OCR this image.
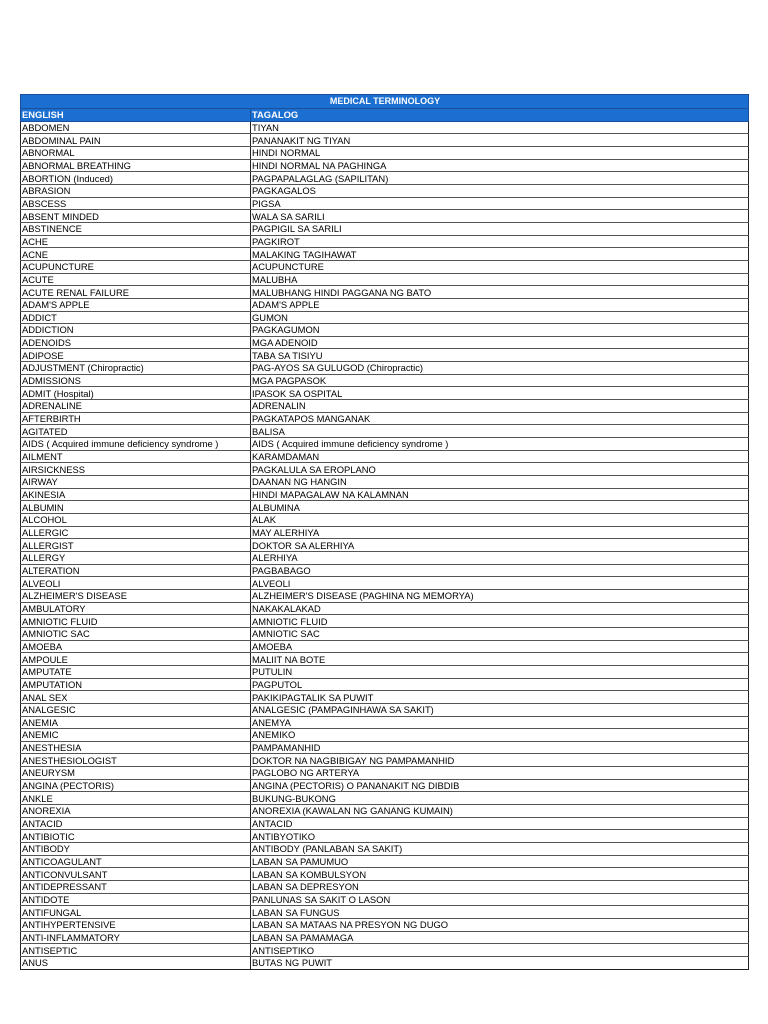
MEDICAL TERMINOLOGY	
ENGLISH	TAGALOG
ABDOMEN	TIYAN
ABDOMINAL PAIN	PANANAKIT NG TIYAN
ABNORMAL	HINDI NORMAL
ABNORMAL BREATHING	HINDI NORMAL NA PAGHINGA
ABORTION (Induced)	PAGPAPALAGLAG (SAPILITAN)
ABRASION	PAGKAGALOS
ABSCESS	PIGSA
ABSENT MINDED	WALA SA SARILI
ABSTINENCE	PAGPIGIL SA SARILI
ACHE	PAGKIROT
ACNE	MALAKING TAGIHAWAT
ACUPUNCTURE	ACUPUNCTURE
ACUTE	MALUBHA
ACUTE RENAL FAILURE	MALUBHANG HINDI PAGGANA NG BATO
ADAM'S APPLE	ADAM'S APPLE
ADDICT	GUMON
ADDICTION	PAGKAGUMON
ADENOIDS	MGA ADENOID
ADIPOSE	TABA SA TISIYU
ADJUSTMENT (Chiropractic)	PAG-AYOS SA GULUGOD (Chiropractic)
ADMISSIONS	MGA PAGPASOK
ADMIT (Hospital)	IPASOK SA OSPITAL
ADRENALINE	ADRENALIN
AFTERBIRTH	PAGKATAPOS MANGANAK
AGITATED	BALISA
AIDS ( Acquired immune deficiency syndrome )	AIDS ( Acquired immune deficiency syndrome )
AILMENT	KARAMDAMAN
AIRSICKNESS	PAGKALULA SA EROPLANO
AIRWAY	DAANAN NG HANGIN
AKINESIA	HINDI MAPAGALAW NA KALAMNAN
ALBUMIN	ALBUMINA
ALCOHOL	ALAK
ALLERGIC	MAY ALERHIYA
ALLERGIST	DOKTOR SA ALERHIYA
ALLERGY	ALERHIYA
ALTERATION	PAGBABAGO
ALVEOLI	ALVEOLI
ALZHEIMER'S DISEASE	ALZHEIMER'S DISEASE (PAGHINA NG MEMORYA)
AMBULATORY	NAKAKALAKAD
AMNIOTIC FLUID	AMNIOTIC FLUID
AMNIOTIC SAC	AMNIOTIC SAC
AMOEBA	AMOEBA
AMPOULE	MALIIT NA BOTE
AMPUTATE	PUTULIN
AMPUTATION	PAGPUTOL
ANAL SEX	PAKIKIPAGTALIK SA PUWIT
ANALGESIC	ANALGESIC (PAMPAGINHAWA SA SAKIT)
ANEMIA	ANEMYA
ANEMIC	ANEMIKO
ANESTHESIA	PAMPAMANHID
ANESTHESIOLOGIST	DOKTOR NA NAGBIBIGAY NG PAMPAMANHID
ANEURYSM	PAGLOBO NG ARTERYA
ANGINA (PECTORIS)	ANGINA (PECTORIS) O PANANAKIT NG DIBDIB
ANKLE	BUKUNG-BUKONG
ANOREXIA	ANOREXIA (KAWALAN NG GANANG KUMAIN)
ANTACID	ANTACID
ANTIBIOTIC	ANTIBYOTIKO
ANTIBODY	ANTIBODY (PANLABAN SA SAKIT)
ANTICOAGULANT	LABAN SA PAMUMUO
ANTICONVULSANT	LABAN SA KOMBULSYON
ANTIDEPRESSANT	LABAN SA DEPRESYON
ANTIDOTE	PANLUNAS SA SAKIT O LASON
ANTIFUNGAL	LABAN SA FUNGUS
ANTIHYPERTENSIVE	LABAN SA MATAAS NA PRESYON NG DUGO
ANTI-INFLAMMATORY	LABAN SA PAMAMAGA
ANTISEPTIC	ANTISEPTIKO
ANUS	BUTAS NG PUWIT
